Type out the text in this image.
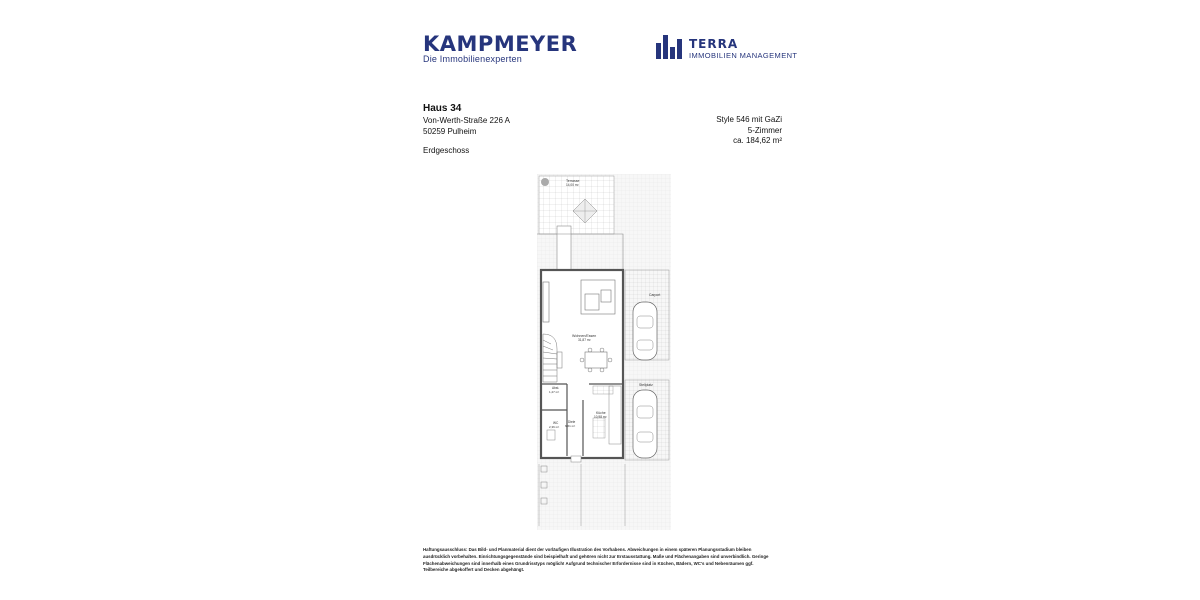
KAMPMEYER
Die Immobilienexperten
TERRA
IMMOBILIEN MANAGEMENT
Haus 34
Von-Werth-Straße 226 A
50259 Pulheim
Erdgeschoss
Style 546 mit GaZi
5-Zimmer
ca. 184,62 m²
Terrasse
14,00 m²
Wohnen/Essen
31,87 m²
Küche
10,98 m²
Abst.
1,27 m²
WC
2,36 m²
Diele
6,61 m²
Carport
Stellplatz
Haftungsausschluss: Das Bild- und Planmaterial dient der vorläufigen Illustration des Vorhabens. Abweichungen in einem späteren Planungsstadium bleiben ausdrücklich vorbehalten. Einrichtungsgegenstände sind beispielhaft und gehören nicht zur Erstausstattung. Maße und Flächenangaben sind unverbindlich. Geringe Flächenabweichungen sind innerhalb eines Grundrisstyps möglich! Aufgrund technischer Erfordernisse sind in Küchen, Bädern, WC's und Nebenräumen ggf. Teilbereiche abgekoffert und Decken abgehängt.
